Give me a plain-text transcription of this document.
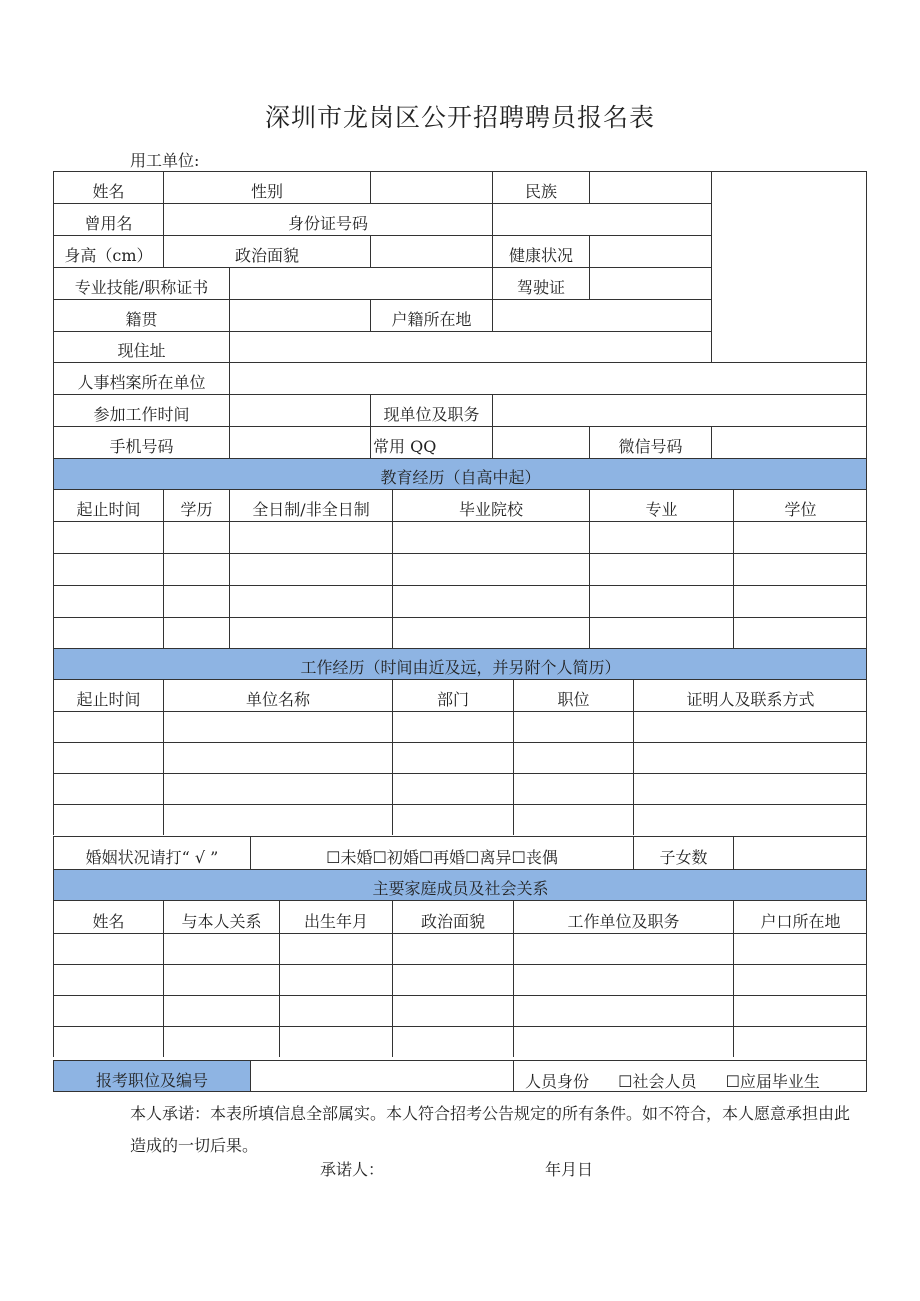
深圳市龙岗区公开招聘聘员报名表
用工单位:
姓名	性别	民族
曾用名	身份证号码
身高（cm）	政治面貌	健康状况
专业技能/职称证书	驾驶证
籍贯	户籍所在地
现住址
人事档案所在单位
参加工作时间	现单位及职务
手机号码	常用 QQ	微信号码
教育经历（自高中起）
起止时间	学历	全日制/非全日制	毕业院校	专业	学位
工作经历（时间由近及远，并另附个人简历）
起止时间	单位名称	部门	职位	证明人及联系方式
婚姻状况请打“ √ ”	☐未婚☐初婚☐再婚☐离异☐丧偶	子女数
主要家庭成员及社会关系
姓名	与本人关系	出生年月	政治面貌	工作单位及职务	户口所在地
报考职位及编号	人员身份 ☐社会人员 ☐应届毕业生
本人承诺：本表所填信息全部属实。本人符合招考公告规定的所有条件。如不符合，本人愿意承担由此造成的一切后果。
承诺人：	年月日
